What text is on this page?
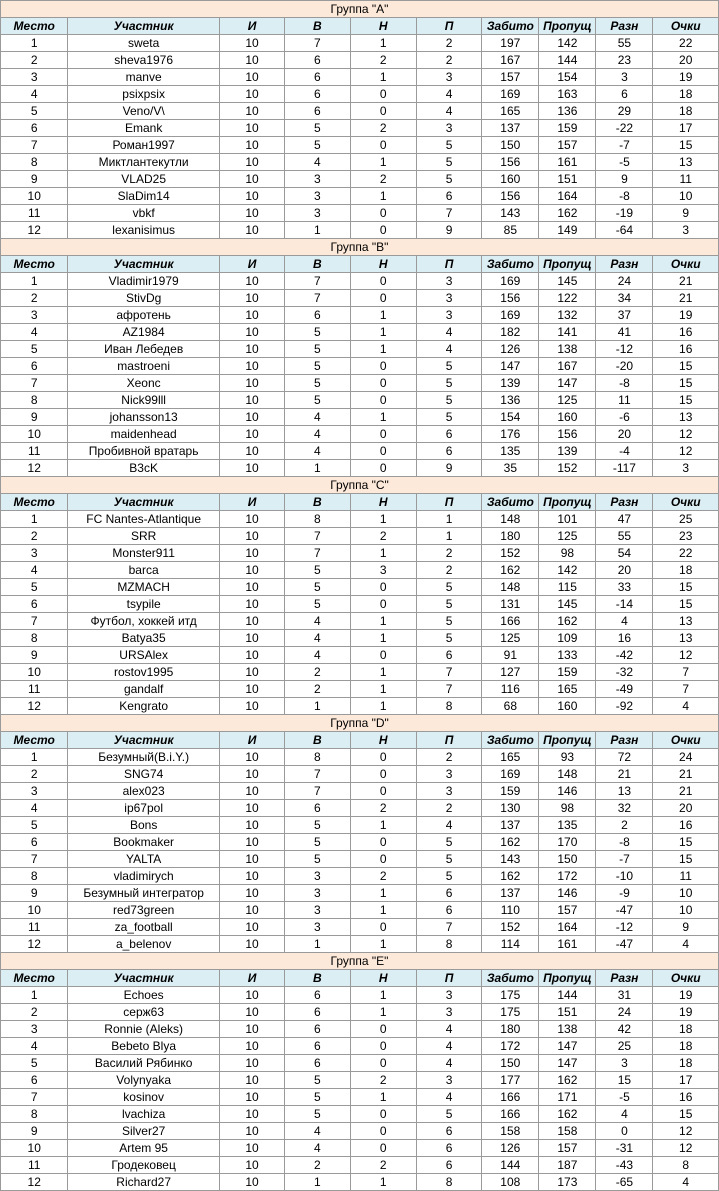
Группа "A"									
Место	Участник	И	В	Н	П	Забито	Пропущ	Разн	Очки
1	sweta	10	7	1	2	197	142	55	22
2	sheva1976	10	6	2	2	167	144	23	20
3	manve	10	6	1	3	157	154	3	19
4	psixpsix	10	6	0	4	169	163	6	18
5	Veno/V\	10	6	0	4	165	136	29	18
6	Emank	10	5	2	3	137	159	-22	17
7	Роман1997	10	5	0	5	150	157	-7	15
8	Миктлантекутли	10	4	1	5	156	161	-5	13
9	VLAD25	10	3	2	5	160	151	9	11
10	SlaDim14	10	3	1	6	156	164	-8	10
11	vbkf	10	3	0	7	143	162	-19	9
12	lexanisimus	10	1	0	9	85	149	-64	3
Группа "B"									
Место	Участник	И	В	Н	П	Забито	Пропущ	Разн	Очки
1	Vladimir1979	10	7	0	3	169	145	24	21
2	StivDg	10	7	0	3	156	122	34	21
3	афротень	10	6	1	3	169	132	37	19
4	AZ1984	10	5	1	4	182	141	41	16
5	Иван Лебедев	10	5	1	4	126	138	-12	16
6	mastroeni	10	5	0	5	147	167	-20	15
7	Xeonc	10	5	0	5	139	147	-8	15
8	Nick99lll	10	5	0	5	136	125	11	15
9	johansson13	10	4	1	5	154	160	-6	13
10	maidenhead	10	4	0	6	176	156	20	12
11	Пробивной вратарь	10	4	0	6	135	139	-4	12
12	B3cK	10	1	0	9	35	152	-117	3
Группа "C"									
Место	Участник	И	В	Н	П	Забито	Пропущ	Разн	Очки
1	FC Nantes-Atlantique	10	8	1	1	148	101	47	25
2	SRR	10	7	2	1	180	125	55	23
3	Monster911	10	7	1	2	152	98	54	22
4	barca	10	5	3	2	162	142	20	18
5	MZMACH	10	5	0	5	148	115	33	15
6	tsypile	10	5	0	5	131	145	-14	15
7	Футбол, хоккей итд	10	4	1	5	166	162	4	13
8	Batya35	10	4	1	5	125	109	16	13
9	URSAlex	10	4	0	6	91	133	-42	12
10	rostov1995	10	2	1	7	127	159	-32	7
11	gandalf	10	2	1	7	116	165	-49	7
12	Kengrato	10	1	1	8	68	160	-92	4
Группа "D"									
Место	Участник	И	В	Н	П	Забито	Пропущ	Разн	Очки
1	Безумный(B.i.Y.)	10	8	0	2	165	93	72	24
2	SNG74	10	7	0	3	169	148	21	21
3	alex023	10	7	0	3	159	146	13	21
4	ip67pol	10	6	2	2	130	98	32	20
5	Bons	10	5	1	4	137	135	2	16
6	Bookmaker	10	5	0	5	162	170	-8	15
7	YALTA	10	5	0	5	143	150	-7	15
8	vladimirych	10	3	2	5	162	172	-10	11
9	Безумный интегратор	10	3	1	6	137	146	-9	10
10	red73green	10	3	1	6	110	157	-47	10
11	za_football	10	3	0	7	152	164	-12	9
12	a_belenov	10	1	1	8	114	161	-47	4
Группа "E"									
Место	Участник	И	В	Н	П	Забито	Пропущ	Разн	Очки
1	Echoes	10	6	1	3	175	144	31	19
2	серж63	10	6	1	3	175	151	24	19
3	Ronnie (Aleks)	10	6	0	4	180	138	42	18
4	Bebeto Blya	10	6	0	4	172	147	25	18
5	Василий Рябинко	10	6	0	4	150	147	3	18
6	Volynyaka	10	5	2	3	177	162	15	17
7	kosinov	10	5	1	4	166	171	-5	16
8	lvachiza	10	5	0	5	166	162	4	15
9	Silver27	10	4	0	6	158	158	0	12
10	Artem 95	10	4	0	6	126	157	-31	12
11	Гродековец	10	2	2	6	144	187	-43	8
12	Richard27	10	1	1	8	108	173	-65	4
